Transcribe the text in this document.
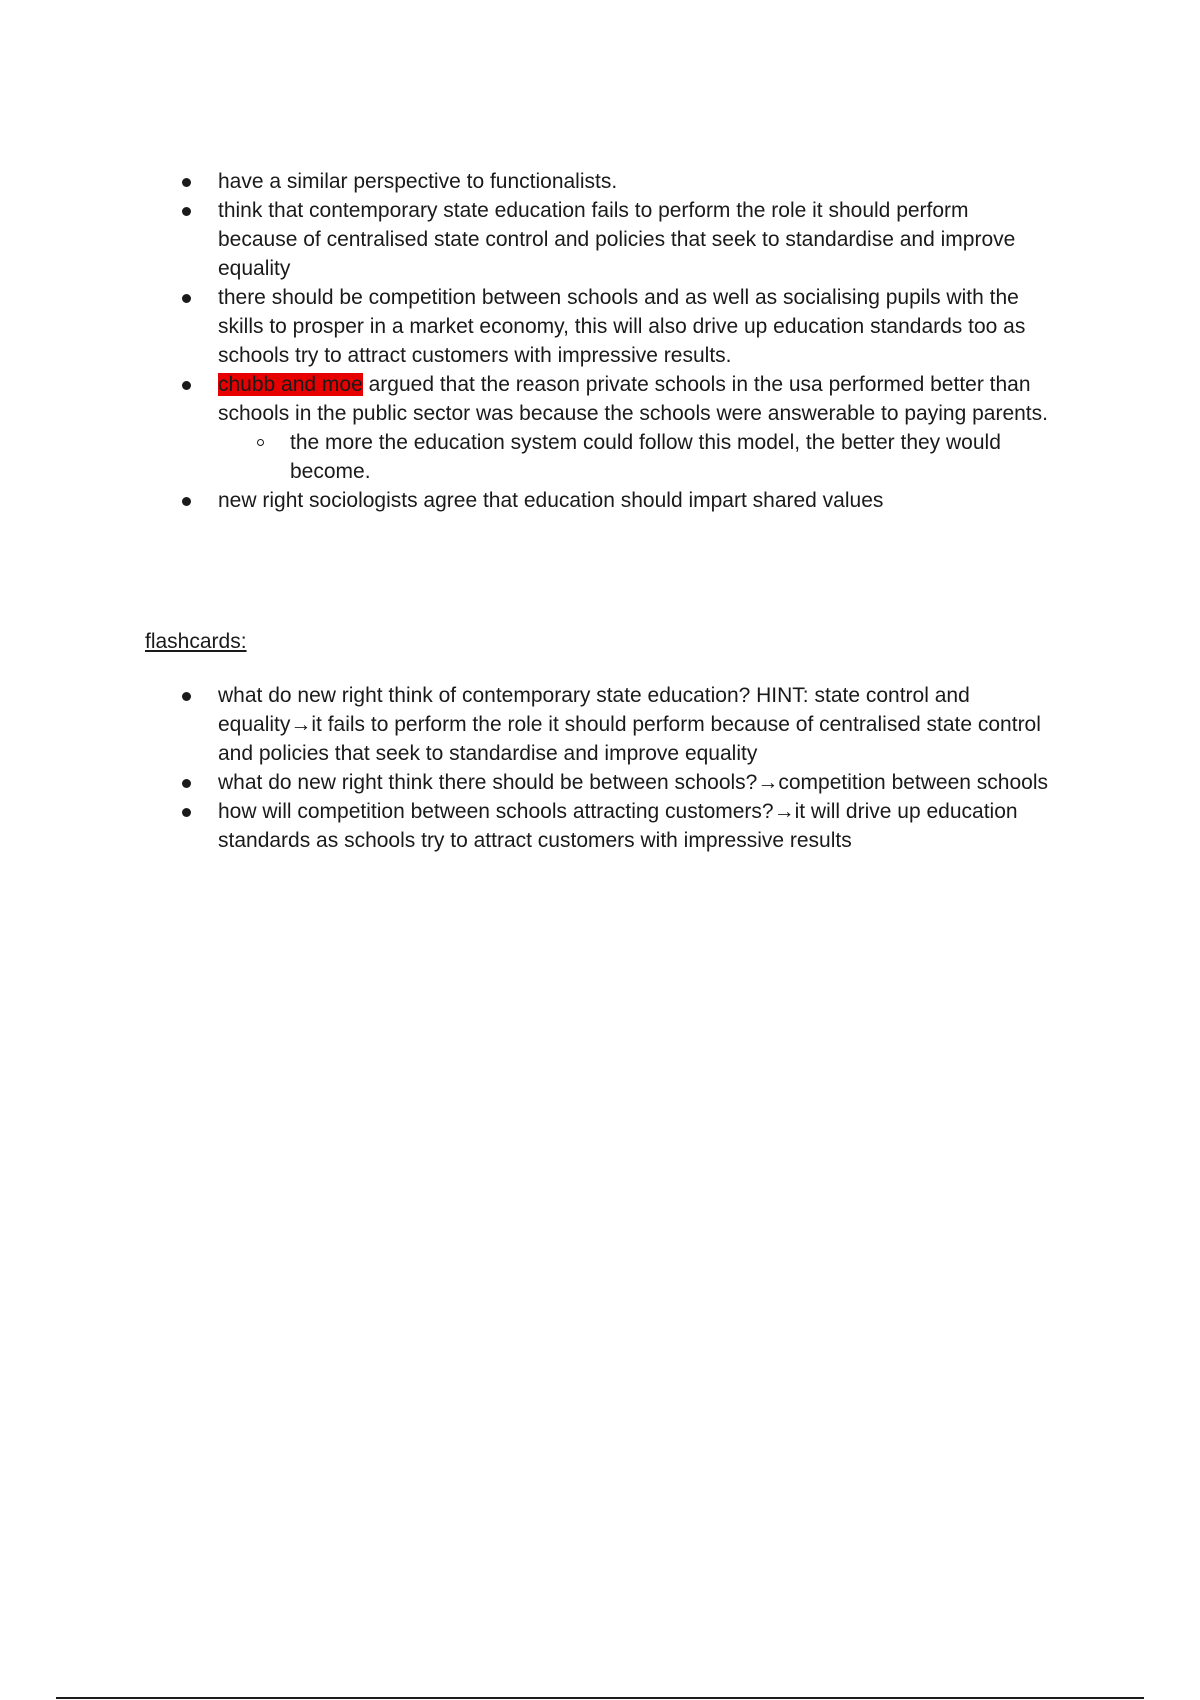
have a similar perspective to functionalists.
think that contemporary state education fails to perform the role it should perform because of centralised state control and policies that seek to standardise and improve equality
there should be competition between schools and as well as socialising pupils with the skills to prosper in a market economy, this will also drive up education standards too as schools try to attract customers with impressive results.
chubb and moe argued that the reason private schools in the usa performed better than schools in the public sector was because the schools were answerable to paying parents.
the more the education system could follow this model, the better they would become.
new right sociologists agree that education should impart shared values
flashcards:
what do new right think of contemporary state education? HINT: state control and equality→it fails to perform the role it should perform because of centralised state control and policies that seek to standardise and improve equality
what do new right think there should be between schools?→competition between schools
how will competition between schools attracting customers?→it will drive up education standards as schools try to attract customers with impressive results
